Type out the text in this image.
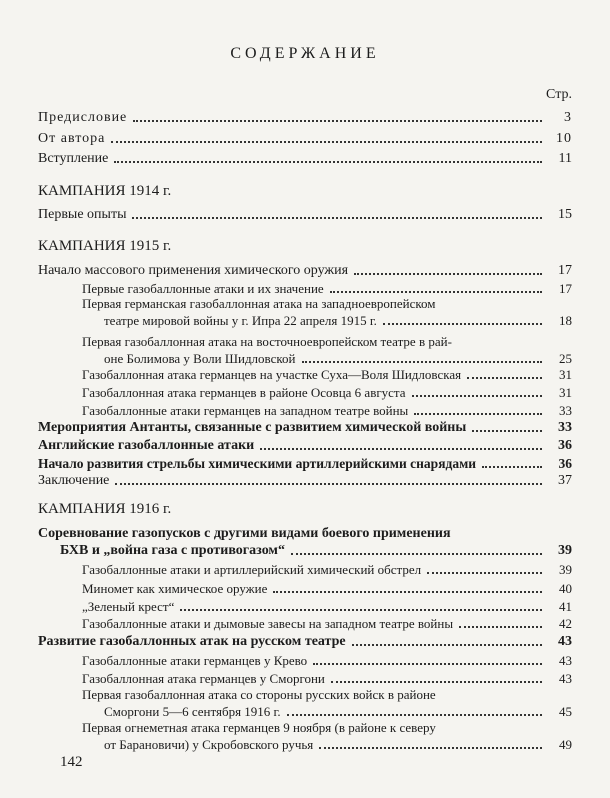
СОДЕРЖАНИЕ
Стр.
Предисловие	3
От автора	10
Вступление	11
КАМПАНИЯ 1914 г.
Первые опыты	15
КАМПАНИЯ 1915 г.
Начало массового применения химического оружия	17
Первые газобаллонные атаки и их значение	17
Первая германская газобаллонная атака на западноевропейском
театре мировой войны у г. Ипра 22 апреля 1915 г.	18
Первая газобаллонная атака на восточноевропейском театре в рай-
оне Болимова у Воли Шидловской	25
Газобаллонная атака германцев на участке Суха—Воля Шидловская	31
Газобаллонная атака германцев в районе Осовца 6 августа	31
Газобаллонные атаки германцев на западном театре войны	33
Мероприятия Антанты, связанные с развитием химической войны	33
Английские газобаллонные атаки	36
Начало развития стрельбы химическими артиллерийскими снарядами	36
Заключение	37
КАМПАНИЯ 1916 г.
Соревнование газопусков с другими видами боевого применения
БХВ и „война газа с противогазом“	39
Газобаллонные атаки и артиллерийский химический обстрел	39
Миномет как химическое оружие	40
„Зеленый крест“	41
Газобаллонные атаки и дымовые завесы на западном театре войны	42
Развитие газобаллонных атак на русском театре	43
Газобаллонные атаки германцев у Крево	43
Газобаллонная атака германцев у Сморгони	43
Первая газобаллонная атака со стороны русских войск в районе
Сморгони 5—6 сентября 1916 г.	45
Первая огнеметная атака германцев 9 ноября (в районе к северу
от Барановичи) у Скробовского ручья	49
142
